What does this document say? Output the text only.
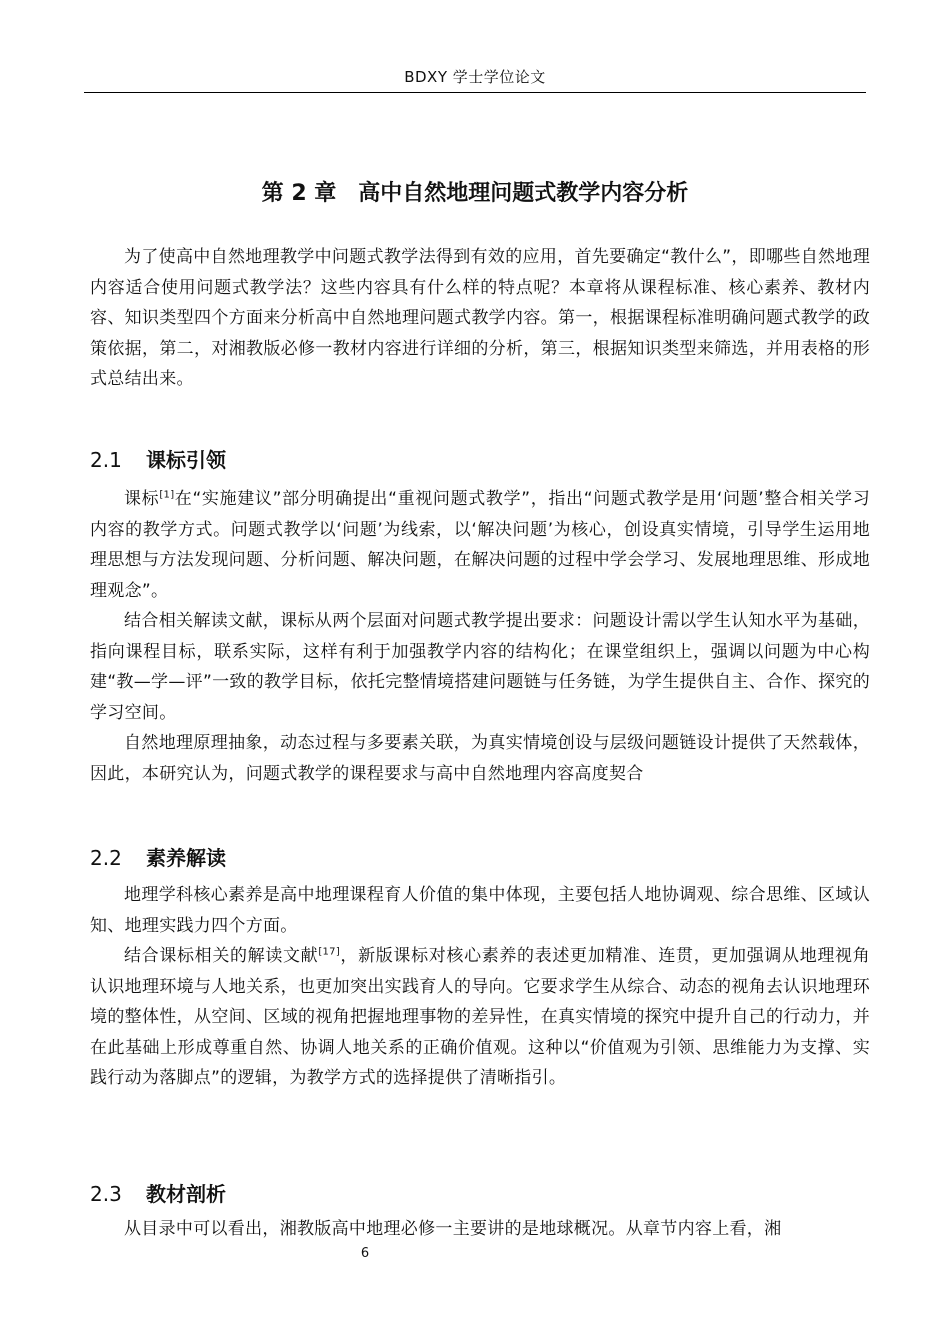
BDXY 学士学位论文
第 2 章　高中自然地理问题式教学内容分析

为了使高中自然地理教学中问题式教学法得到有效的应用，首先要确定“教什么”，即哪些自然地理内容适合使用问题式教学法？这些内容具有什么样的特点呢？本章将从课程标准、核心素养、教材内容、知识类型四个方面来分析高中自然地理问题式教学内容。第一，根据课程标准明确问题式教学的政策依据，第二，对湘教版必修一教材内容进行详细的分析，第三，根据知识类型来筛选，并用表格的形式总结出来。

2.1 课标引领

课标[1]在“实施建议”部分明确提出“重视问题式教学”，指出“问题式教学是用‘问题’整合相关学习内容的教学方式。问题式教学以‘问题’为线索，以‘解决问题’为核心，创设真实情境，引导学生运用地理思想与方法发现问题、分析问题、解决问题，在解决问题的过程中学会学习、发展地理思维、形成地理观念”。

结合相关解读文献，课标从两个层面对问题式教学提出要求：问题设计需以学生认知水平为基础，指向课程目标，联系实际，这样有利于加强教学内容的结构化；在课堂组织上，强调以问题为中心构建“教—学—评”一致的教学目标，依托完整情境搭建问题链与任务链，为学生提供自主、合作、探究的学习空间。

自然地理原理抽象，动态过程与多要素关联，为真实情境创设与层级问题链设计提供了天然载体，因此，本研究认为，问题式教学的课程要求与高中自然地理内容高度契合

2.2 素养解读

地理学科核心素养是高中地理课程育人价值的集中体现，主要包括人地协调观、综合思维、区域认知、地理实践力四个方面。

结合课标相关的解读文献[17]，新版课标对核心素养的表述更加精准、连贯，更加强调从地理视角认识地理环境与人地关系，也更加突出实践育人的导向。它要求学生从综合、动态的视角去认识地理环境的整体性，从空间、区域的视角把握地理事物的差异性，在真实情境的探究中提升自己的行动力，并在此基础上形成尊重自然、协调人地关系的正确价值观。这种以“价值观为引领、思维能力为支撑、实践行动为落脚点”的逻辑，为教学方式的选择提供了清晰指引。

2.3 教材剖析

从目录中可以看出，湘教版高中地理必修一主要讲的是地球概况。从章节内容上看，湘

6
